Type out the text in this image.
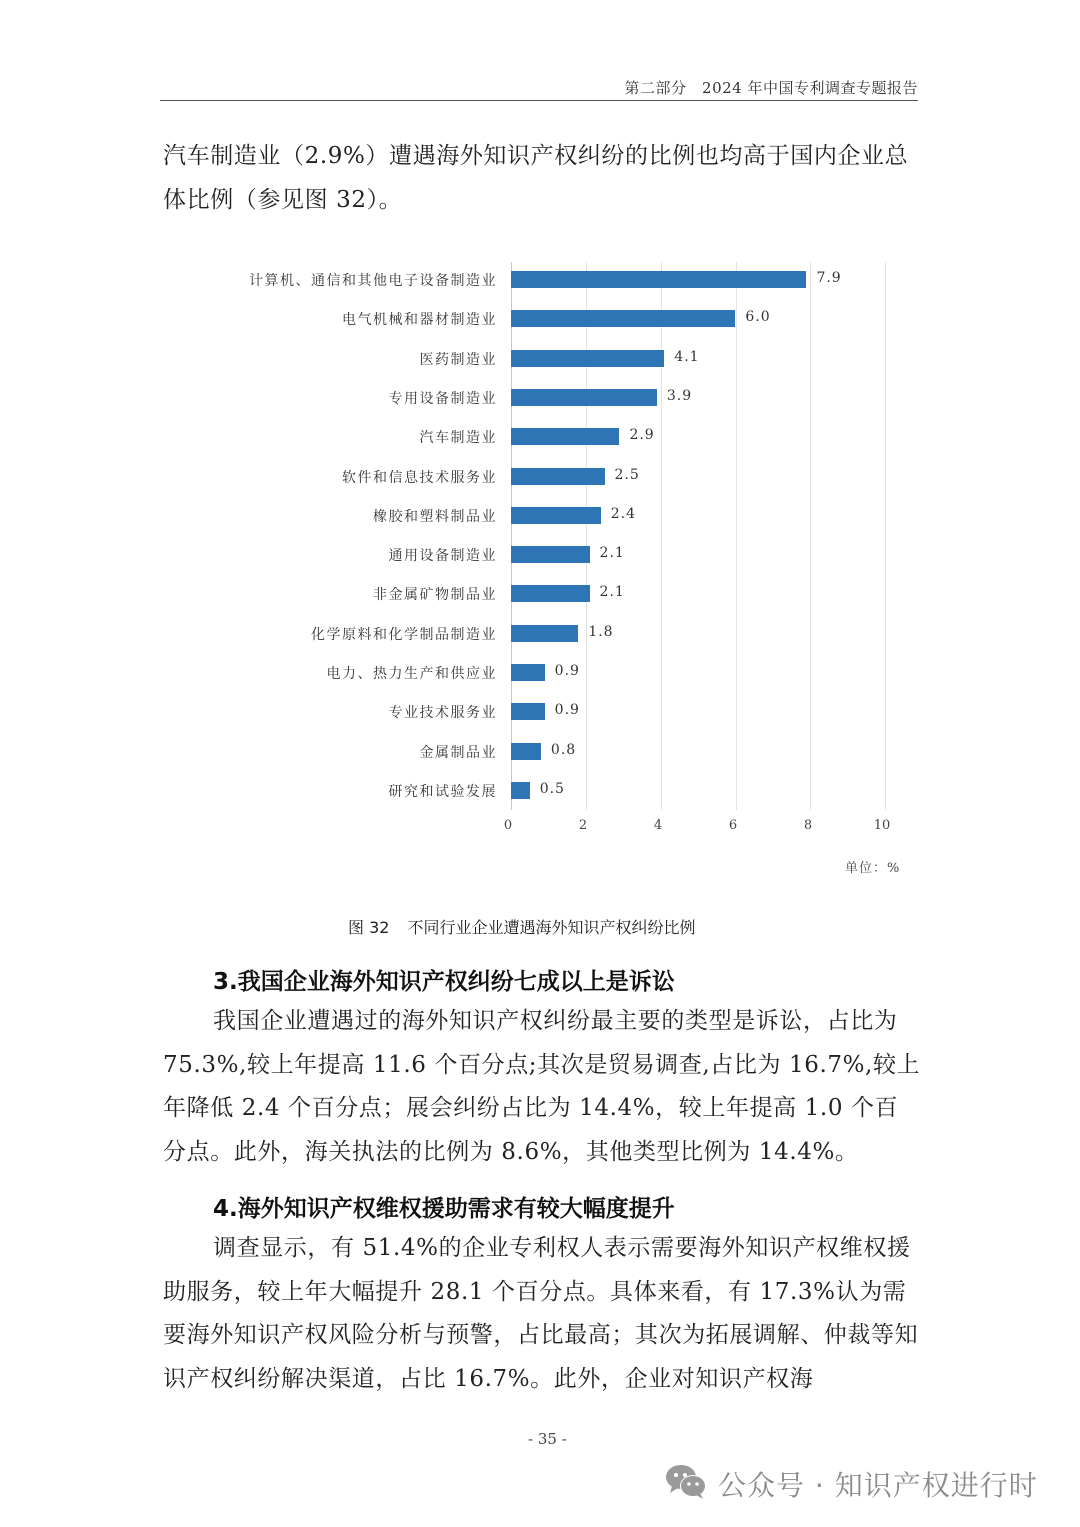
第二部分　2024 年中国专利调查专题报告
汽车制造业（2.9%）遭遇海外知识产权纠纷的比例也均高于国内企业总体比例（参见图 32）。
计算机、通信和其他电子设备制造业	7.9
电气机械和器材制造业	6.0
医药制造业	4.1
专用设备制造业	3.9
汽车制造业	2.9
软件和信息技术服务业	2.5
橡胶和塑料制品业	2.4
通用设备制造业	2.1
非金属矿物制品业	2.1
化学原料和化学制品制造业	1.8
电力、热力生产和供应业	0.9
专业技术服务业	0.9
金属制品业	0.8
研究和试验发展	0.5
0	2	4	6	8	10
单位：%
图 32 不同行业企业遭遇海外知识产权纠纷比例
3.我国企业海外知识产权纠纷七成以上是诉讼
我国企业遭遇过的海外知识产权纠纷最主要的类型是诉讼，占比为75.3%,较上年提高 11.6 个百分点;其次是贸易调查,占比为 16.7%,较上年降低 2.4 个百分点；展会纠纷占比为 14.4%，较上年提高 1.0 个百分点。此外，海关执法的比例为 8.6%，其他类型比例为 14.4%。
4.海外知识产权维权援助需求有较大幅度提升
调查显示，有 51.4%的企业专利权人表示需要海外知识产权维权援助服务，较上年大幅提升 28.1 个百分点。具体来看，有 17.3%认为需要海外知识产权风险分析与预警，占比最高；其次为拓展调解、仲裁等知识产权纠纷解决渠道，占比 16.7%。此外，企业对知识产权海
- 35 -
公众号 · 知识产权进行时
